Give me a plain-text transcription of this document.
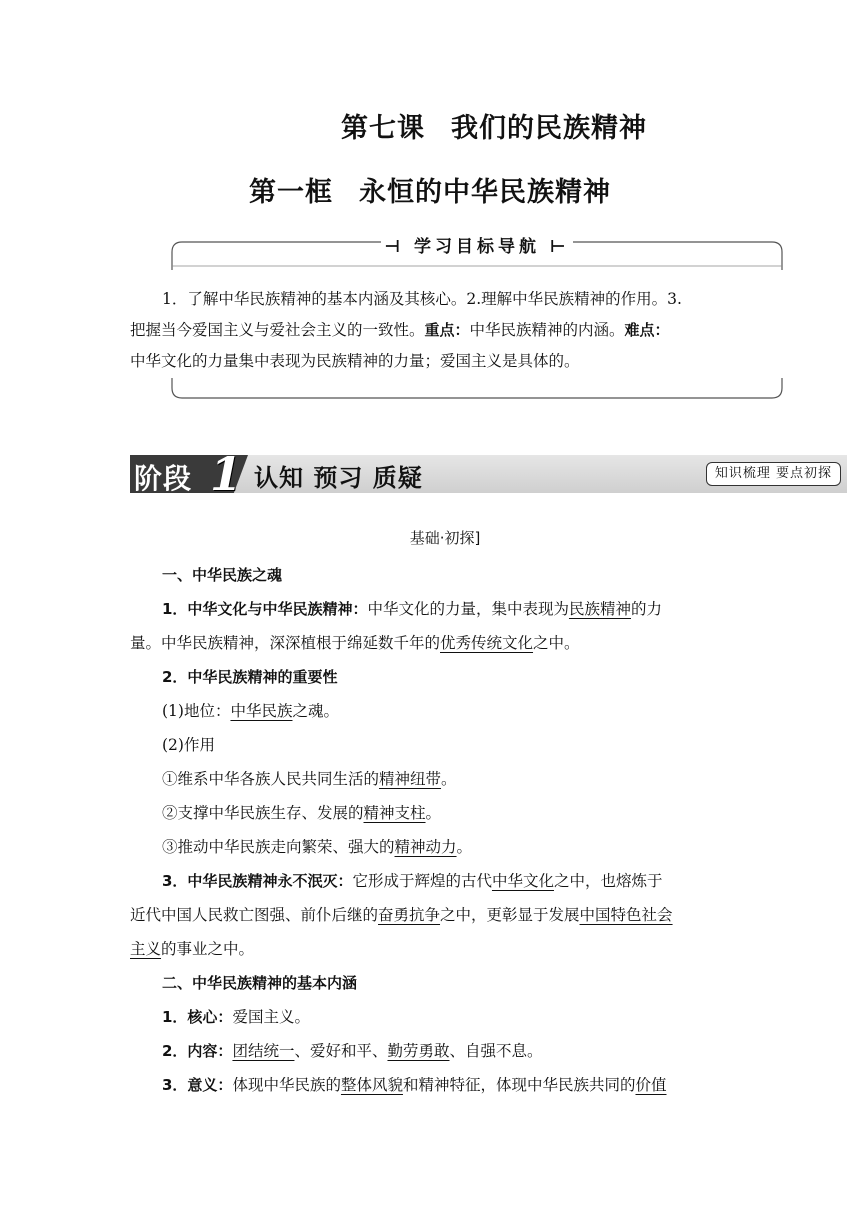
第七课 我们的民族精神
第一框 永恒的中华民族精神
⊣ 学习目标导航 ⊢
1．了解中华民族精神的基本内涵及其核心。2.理解中华民族精神的作用。3.
把握当今爱国主义与爱社会主义的一致性。重点：中华民族精神的内涵。难点：
中华文化的力量集中表现为民族精神的力量；爱国主义是具体的。
阶段 1 认知 预习 质疑	知识梳理 要点初探
基础·初探]
一、中华民族之魂
1．中华文化与中华民族精神：中华文化的力量，集中表现为民族精神的力
量。中华民族精神，深深植根于绵延数千年的优秀传统文化之中。
2．中华民族精神的重要性
(1)地位：中华民族之魂。
(2)作用
①维系中华各族人民共同生活的精神纽带。
②支撑中华民族生存、发展的精神支柱。
③推动中华民族走向繁荣、强大的精神动力。
3．中华民族精神永不泯灭：它形成于辉煌的古代中华文化之中，也熔炼于
近代中国人民救亡图强、前仆后继的奋勇抗争之中，更彰显于发展中国特色社会
主义的事业之中。
二、中华民族精神的基本内涵
1．核心：爱国主义。
2．内容：团结统一、爱好和平、勤劳勇敢、自强不息。
3．意义：体现中华民族的整体风貌和精神特征，体现中华民族共同的价值
